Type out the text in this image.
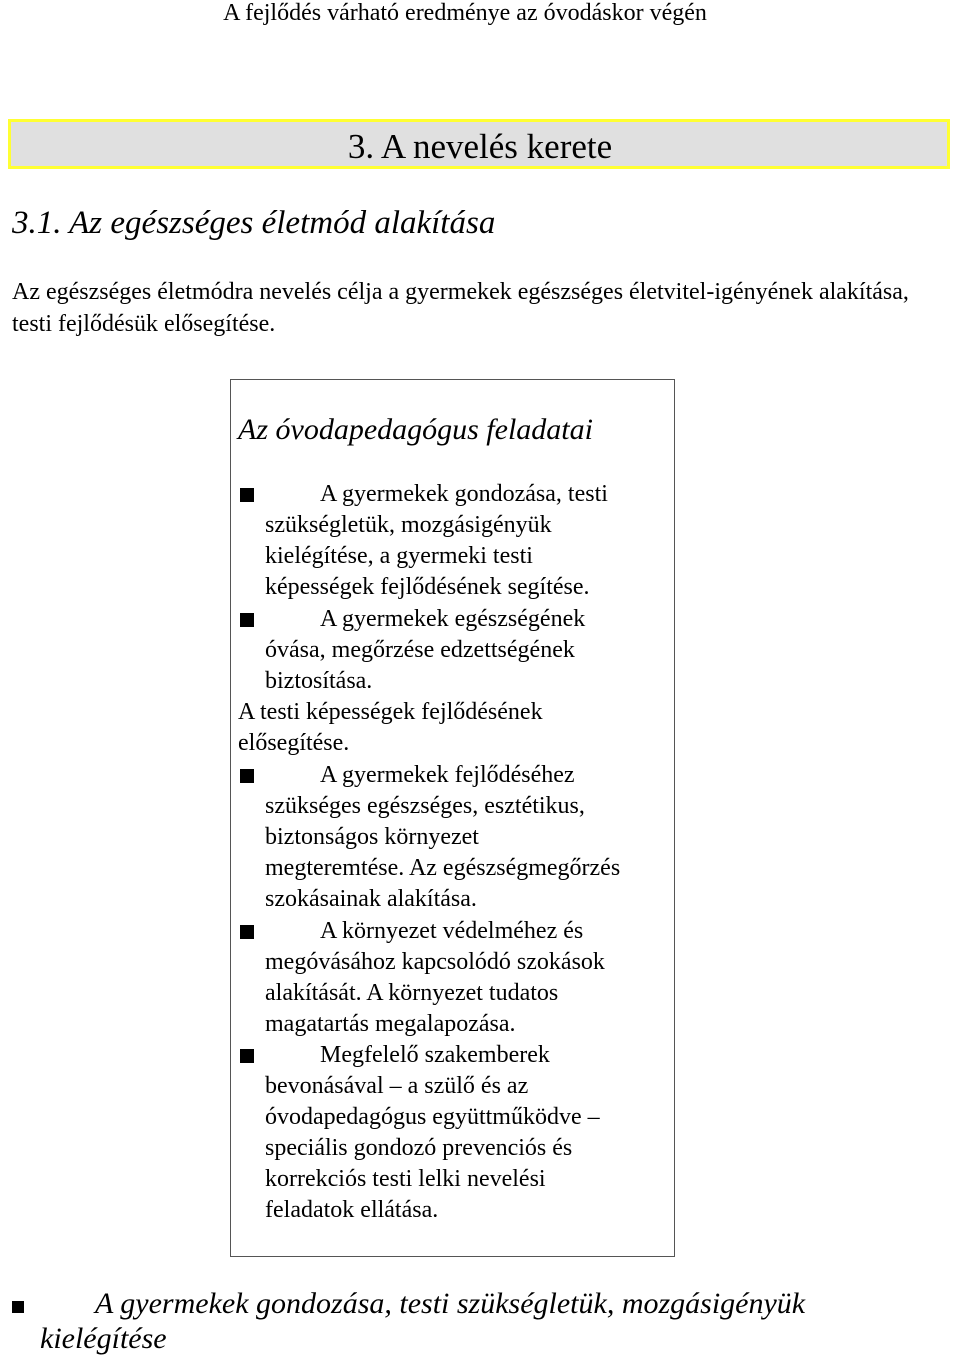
A fejlődés várható eredménye az óvodáskor végén
3. A nevelés kerete
3.1. Az egészséges életmód alakítása
Az egészséges életmódra nevelés célja a gyermekek egészséges életvitel-igényének alakítása, testi fejlődésük elősegítése.
Az óvodapedagógus feladatai
A gyermekek gondozása, testi
szükségletük, mozgásigényük
kielégítése, a gyermeki testi
képességek fejlődésének segítése.
A gyermekek egészségének
óvása, megőrzése edzettségének
biztosítása.
A testi képességek fejlődésének
elősegítése.
A gyermekek fejlődéséhez
szükséges egészséges, esztétikus,
biztonságos környezet
megteremtése. Az egészségmegőrzés
szokásainak alakítása.
A környezet védelméhez és
megóvásához kapcsolódó szokások
alakítását. A környezet tudatos
magatartás megalapozása.
Megfelelő szakemberek
bevonásával – a szülő és az
óvodapedagógus együttműködve –
speciális gondozó prevenciós és
korrekciós testi lelki nevelési
feladatok ellátása.
A gyermekek gondozása, testi szükségletük, mozgásigényük
kielégítése
